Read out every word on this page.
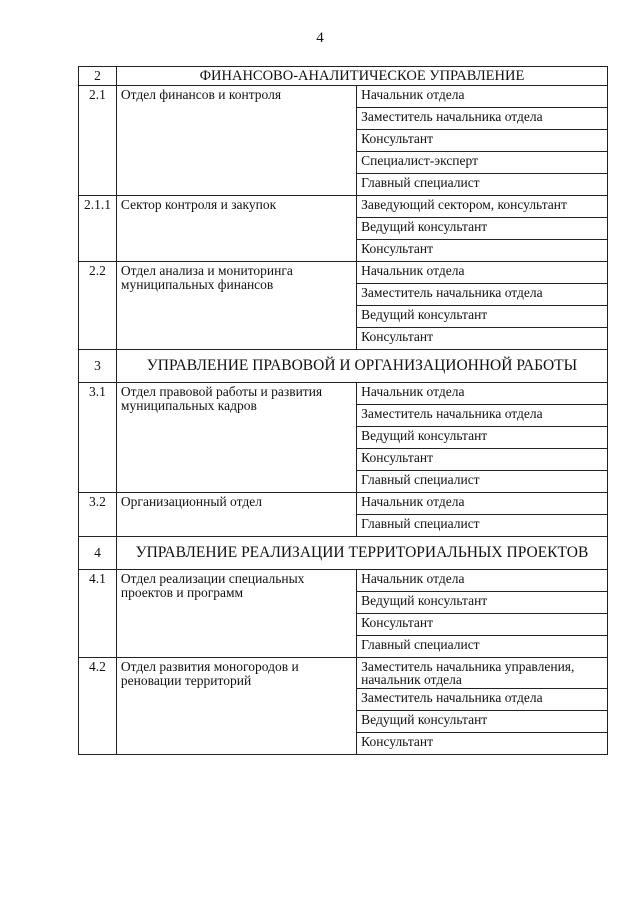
4
2	ФИНАНСОВО-АНАЛИТИЧЕСКОЕ УПРАВЛЕНИЕ	
2.1	Отдел финансов и контроля	Начальник отдела
		Заместитель начальника отдела
		Консультант
		Специалист-эксперт
		Главный специалист
2.1.1	Сектор контроля и закупок	Заведующий сектором, консультант
		Ведущий консультант
		Консультант
2.2	Отдел анализа и мониторинга муниципальных финансов	Начальник отдела
		Заместитель начальника отдела
		Ведущий консультант
		Консультант
3	УПРАВЛЕНИЕ ПРАВОВОЙ И ОРГАНИЗАЦИОННОЙ РАБОТЫ	
3.1	Отдел правовой работы и развития муниципальных кадров	Начальник отдела
		Заместитель начальника отдела
		Ведущий консультант
		Консультант
		Главный специалист
3.2	Организационный отдел	Начальник отдела
		Главный специалист
4	УПРАВЛЕНИЕ РЕАЛИЗАЦИИ ТЕРРИТОРИАЛЬНЫХ ПРОЕКТОВ	
4.1	Отдел реализации специальных проектов и программ	Начальник отдела
		Ведущий консультант
		Консультант
		Главный специалист
4.2	Отдел развития моногородов и реновации территорий	Заместитель начальника управления, начальник отдела
		Заместитель начальника отдела
		Ведущий консультант
		Консультант
